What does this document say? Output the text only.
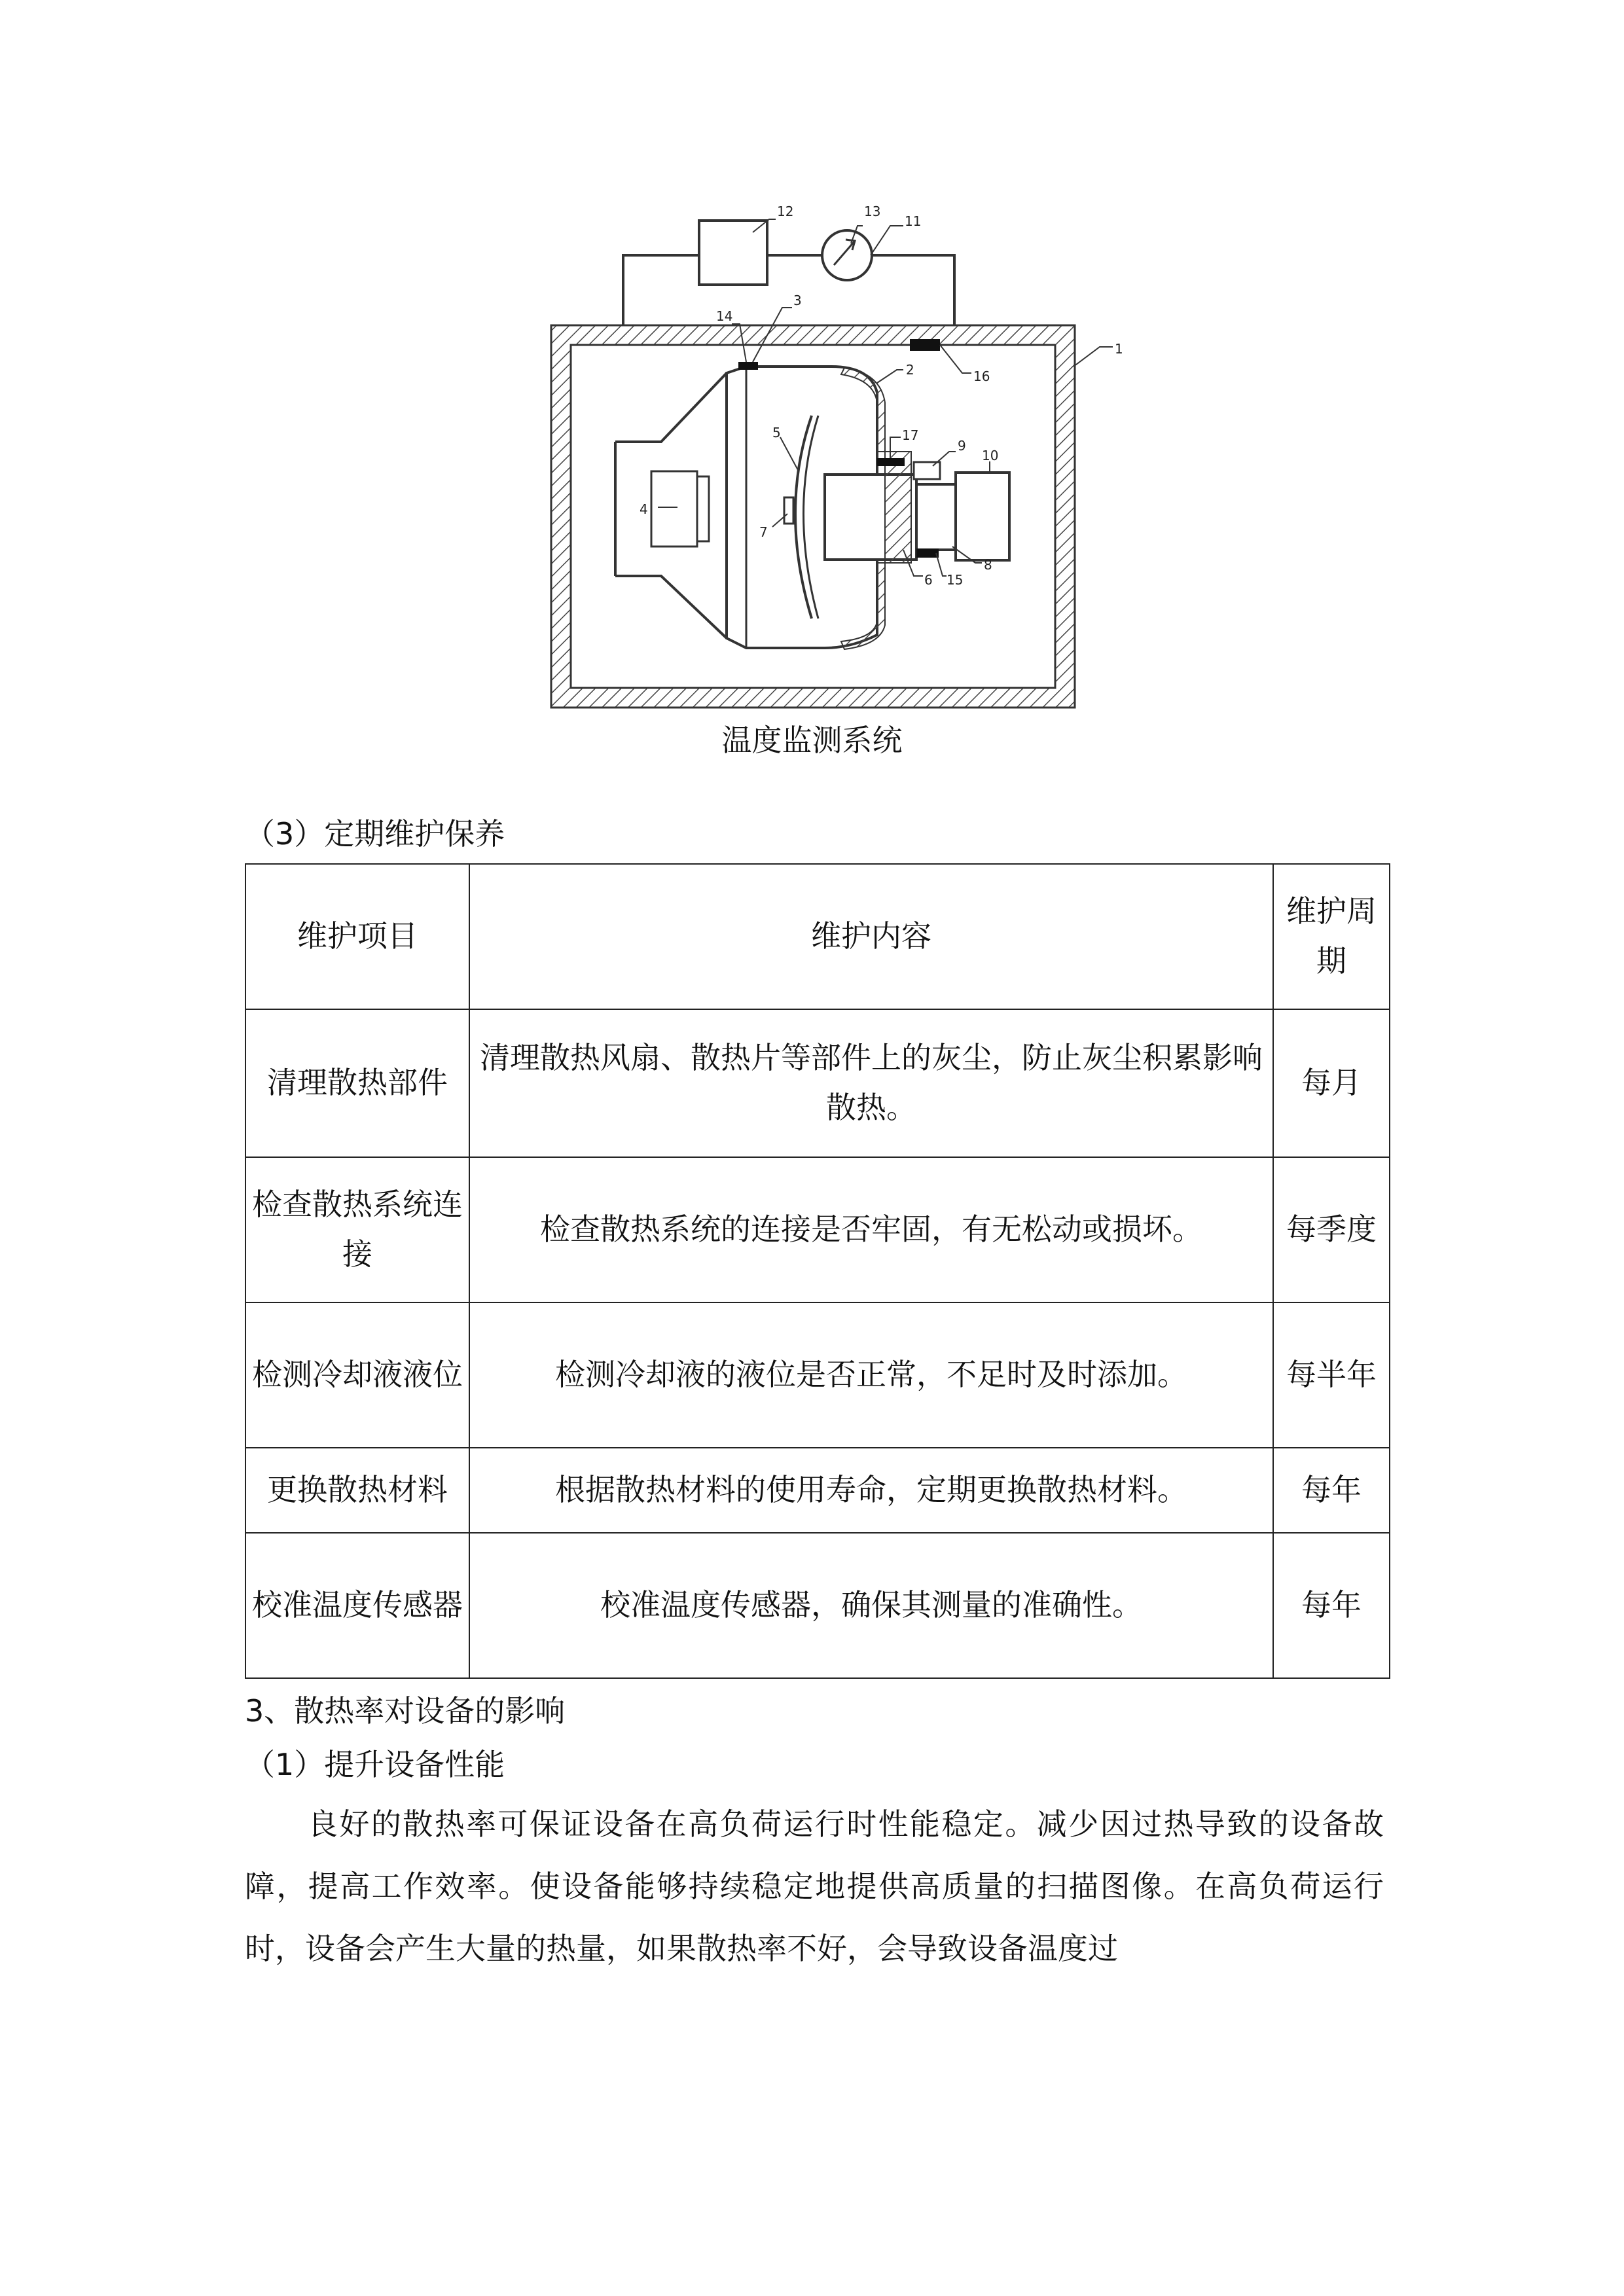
1
2
3
4
5
6
7
8
9
10
11
12	13
14
15
16
17
温度监测系统
（3）定期维护保养
维护项目	维护内容	维护周期
清理散热部件	清理散热风扇、散热片等部件上的灰尘，防止灰尘积累影响散热。	每月
检查散热系统连接	检查散热系统的连接是否牢固，有无松动或损坏。	每季度
检测冷却液液位	检测冷却液的液位是否正常，不足时及时添加。	每半年
更换散热材料	根据散热材料的使用寿命，定期更换散热材料。	每年
校准温度传感器	校准温度传感器，确保其测量的准确性。	每年
3、散热率对设备的影响
（1）提升设备性能

良好的散热率可保证设备在高负荷运行时性能稳定。减少因过热导致的设备故障，提高工作效率。使设备能够持续稳定地提供高质量的扫描图像。在高负荷运行时，设备会产生大量的热量，如果散热率不好，会导致设备温度过
